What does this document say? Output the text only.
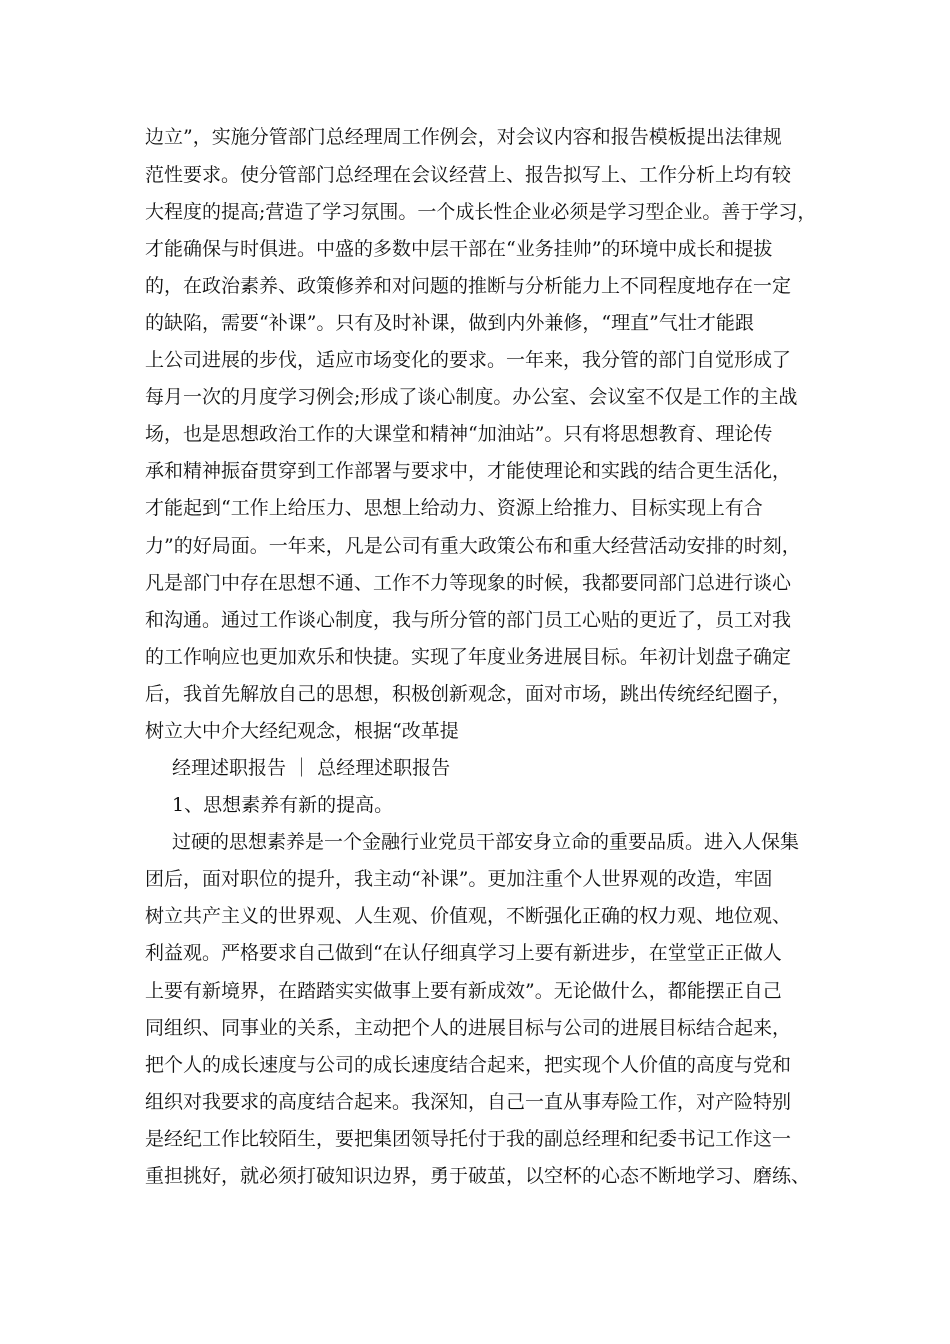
边立”，实施分管部门总经理周工作例会，对会议内容和报告模板提出法律规
范性要求。使分管部门总经理在会议经营上、报告拟写上、工作分析上均有较
大程度的提高;营造了学习氛围。一个成长性企业必须是学习型企业。善于学习，
才能确保与时俱进。中盛的多数中层干部在“业务挂帅”的环境中成长和提拔
的，在政治素养、政策修养和对问题的推断与分析能力上不同程度地存在一定
的缺陷，需要“补课”。只有及时补课，做到内外兼修，“理直”气壮才能跟
上公司进展的步伐，适应市场变化的要求。一年来，我分管的部门自觉形成了
每月一次的月度学习例会;形成了谈心制度。办公室、会议室不仅是工作的主战
场，也是思想政治工作的大课堂和精神“加油站”。只有将思想教育、理论传
承和精神振奋贯穿到工作部署与要求中，才能使理论和实践的结合更生活化，
才能起到“工作上给压力、思想上给动力、资源上给推力、目标实现上有合
力”的好局面。一年来，凡是公司有重大政策公布和重大经营活动安排的时刻，
凡是部门中存在思想不通、工作不力等现象的时候，我都要同部门总进行谈心
和沟通。通过工作谈心制度，我与所分管的部门员工心贴的更近了，员工对我
的工作响应也更加欢乐和快捷。实现了年度业务进展目标。年初计划盘子确定
后，我首先解放自己的思想，积极创新观念，面对市场，跳出传统经纪圈子，
树立大中介大经纪观念，根据“改革提
经理述职报告 ｜ 总经理述职报告
1、思想素养有新的提高。
过硬的思想素养是一个金融行业党员干部安身立命的重要品质。进入人保集
团后，面对职位的提升，我主动“补课”。更加注重个人世界观的改造，牢固
树立共产主义的世界观、人生观、价值观，不断强化正确的权力观、地位观、
利益观。严格要求自己做到“在认仔细真学习上要有新进步，在堂堂正正做人
上要有新境界，在踏踏实实做事上要有新成效”。无论做什么，都能摆正自己
同组织、同事业的关系，主动把个人的进展目标与公司的进展目标结合起来，
把个人的成长速度与公司的成长速度结合起来，把实现个人价值的高度与党和
组织对我要求的高度结合起来。我深知，自己一直从事寿险工作，对产险特别
是经纪工作比较陌生，要把集团领导托付于我的副总经理和纪委书记工作这一
重担挑好，就必须打破知识边界，勇于破茧，以空杯的心态不断地学习、磨练、
